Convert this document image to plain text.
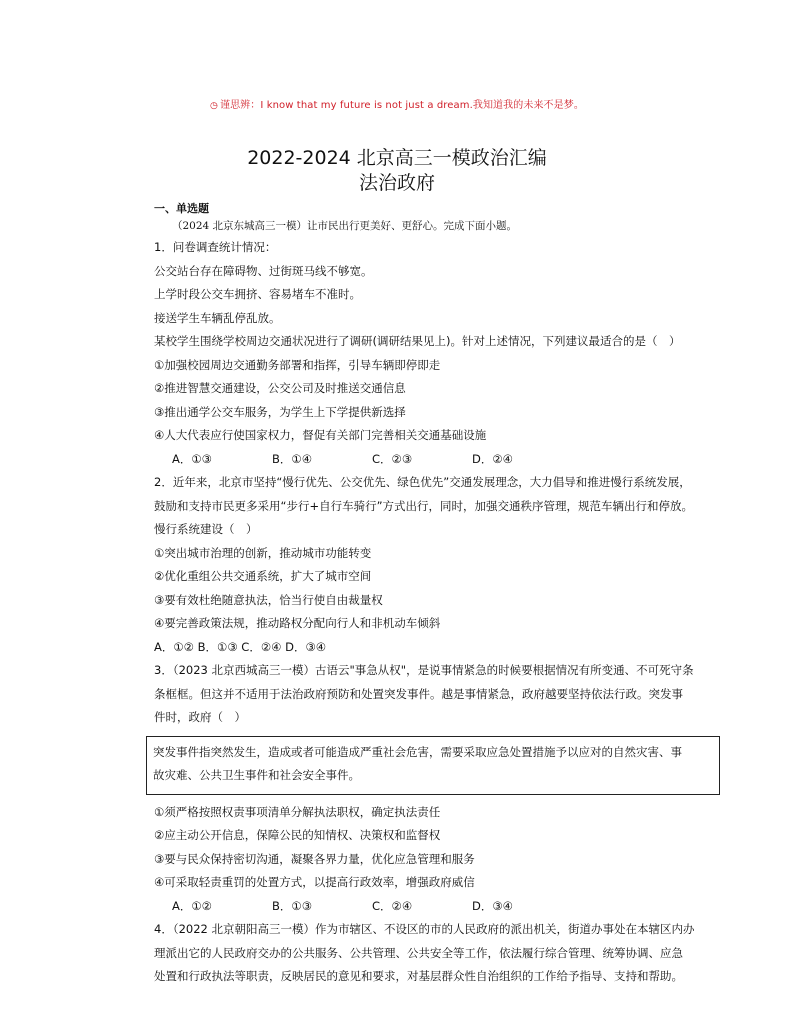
◷ 谨思辨：I know that my future is not just a dream.我知道我的未来不是梦。
2022-2024 北京高三一模政治汇编
法治政府
一、单选题
（2024 北京东城高三一模）让市民出行更美好、更舒心。完成下面小题。
1．问卷调查统计情况：
公交站台存在障碍物、过街斑马线不够宽。
上学时段公交车拥挤、容易堵车不准时。
接送学生车辆乱停乱放。
某校学生围绕学校周边交通状况进行了调研(调研结果见上)。针对上述情况，下列建议最适合的是（　）
①加强校园周边交通勤务部署和指挥，引导车辆即停即走
②推进智慧交通建设，公交公司及时推送交通信息
③推出通学公交车服务，为学生上下学提供新选择
④人大代表应行使国家权力，督促有关部门完善相关交通基础设施
A．①③	B．①④	C．②③	D．②④
2．近年来，北京市坚持“慢行优先、公交优先、绿色优先”交通发展理念，大力倡导和推进慢行系统发展，
鼓励和支持市民更多采用“步行+自行车骑行”方式出行，同时，加强交通秩序管理，规范车辆出行和停放。
慢行系统建设（　）
①突出城市治理的创新，推动城市功能转变
②优化重组公共交通系统，扩大了城市空间
③要有效杜绝随意执法，恰当行使自由裁量权
④要完善政策法规，推动路权分配向行人和非机动车倾斜
A．①② B．①③ C．②④ D．③④
3．（2023 北京西城高三一模）古语云"事急从权"，是说事情紧急的时候要根据情况有所变通、不可死守条
条框框。但这并不适用于法治政府预防和处置突发事件。越是事情紧急，政府越要坚持依法行政。突发事
件时，政府（　）
突发事件指突然发生，造成或者可能造成严重社会危害，需要采取应急处置措施予以应对的自然灾害、事
故灾难、公共卫生事件和社会安全事件。
①须严格按照权责事项清单分解执法职权，确定执法责任
②应主动公开信息，保障公民的知情权、决策权和监督权
③要与民众保持密切沟通，凝聚各界力量，优化应急管理和服务
④可采取轻责重罚的处置方式，以提高行政效率，增强政府威信
A．①②	B．①③	C．②④	D．③④
4．（2022 北京朝阳高三一模）作为市辖区、不设区的市的人民政府的派出机关，街道办事处在本辖区内办
理派出它的人民政府交办的公共服务、公共管理、公共安全等工作，依法履行综合管理、统筹协调、应急
处置和行政执法等职责，反映居民的意见和要求，对基层群众性自治组织的工作给予指导、支持和帮助。
